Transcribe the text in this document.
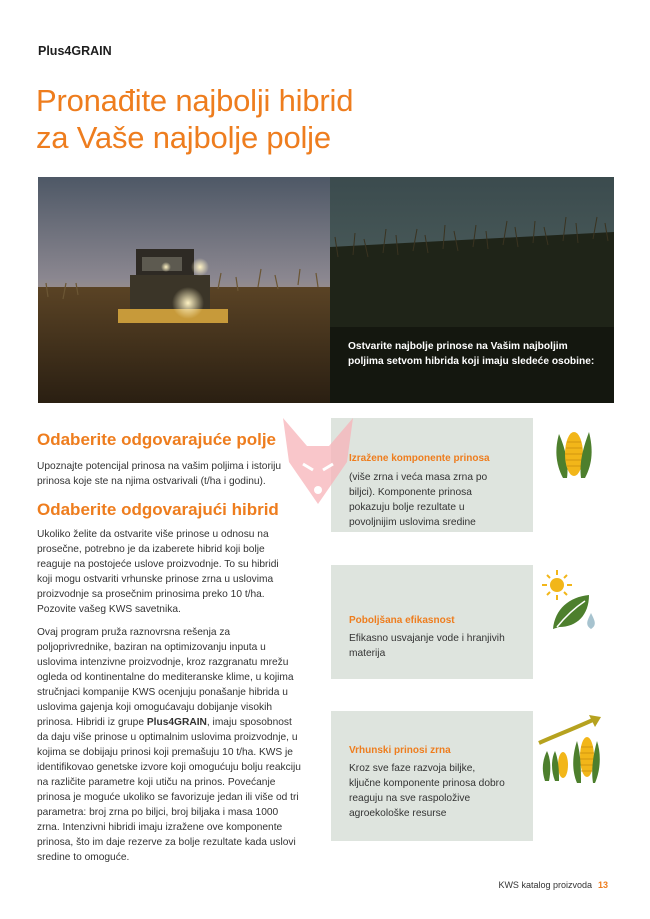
Plus4GRAIN
Pronađite najbolji hibrid
za Vaše najbolje polje
Ostvarite najbolje prinose na Vašim najboljim poljima setvom hibrida koji imaju sledeće osobine:
Odaberite odgovarajuće polje

Upoznajte potencijal prinosa na vašim poljima i istoriju prinosa koje ste na njima ostvarivali (t/ha i godinu).

Odaberite odgovarajući hibrid

Ukoliko želite da ostvarite više prinose u odnosu na prosečne, potrebno je da izaberete hibrid koji bolje reaguje na postojeće uslove proizvodnje. To su hibridi koji mogu ostvariti vrhunske prinose zrna u uslovima proizvodnje sa prosečnim prinosima preko 10 t/ha. Pozovite vašeg KWS savetnika.

Ovaj program pruža raznovrsna rešenja za poljoprivrednike, baziran na optimizovanju inputa u uslovima intenzivne proizvodnje, kroz razgranatu mrežu ogleda od kontinentalne do mediteranske klime, u kojima stručnjaci kompanije KWS ocenjuju ponašanje hibrida u uslovima gajenja koji omogućavaju dobijanje visokih prinosa. Hibridi iz grupe Plus4GRAIN, imaju sposobnost da daju više prinose u optimalnim uslovima proizvodnje, u kojima se dobijaju prinosi koji premašuju 10 t/ha. KWS je identifikovao genetske izvore koji omogućuju bolju reakciju na različite parametre koji utiču na prinos. Povećanje prinosa je moguće ukoliko se favorizuje jedan ili više od tri parametra: broj zrna po biljci, broj biljaka i masa 1000 zrna. Intenzivni hibridi imaju izražene ove komponente prinosa, što im daje rezerve za bolje rezultate kada uslovi sredine to omoguće.

Izražene komponente prinosa
(više zrna i veća masa zrna po biljci). Komponente prinosa pokazuju bolje rezultate u povoljnijim uslovima sredine
Poboljšana efikasnost
Efikasno usvajanje vode i hranjivih materija
Vrhunski prinosi zrna
Kroz sve faze razvoja biljke, ključne komponente prinosa dobro reaguju na sve raspoložive agroekološke resurse
KWS katalog proizvoda 13
